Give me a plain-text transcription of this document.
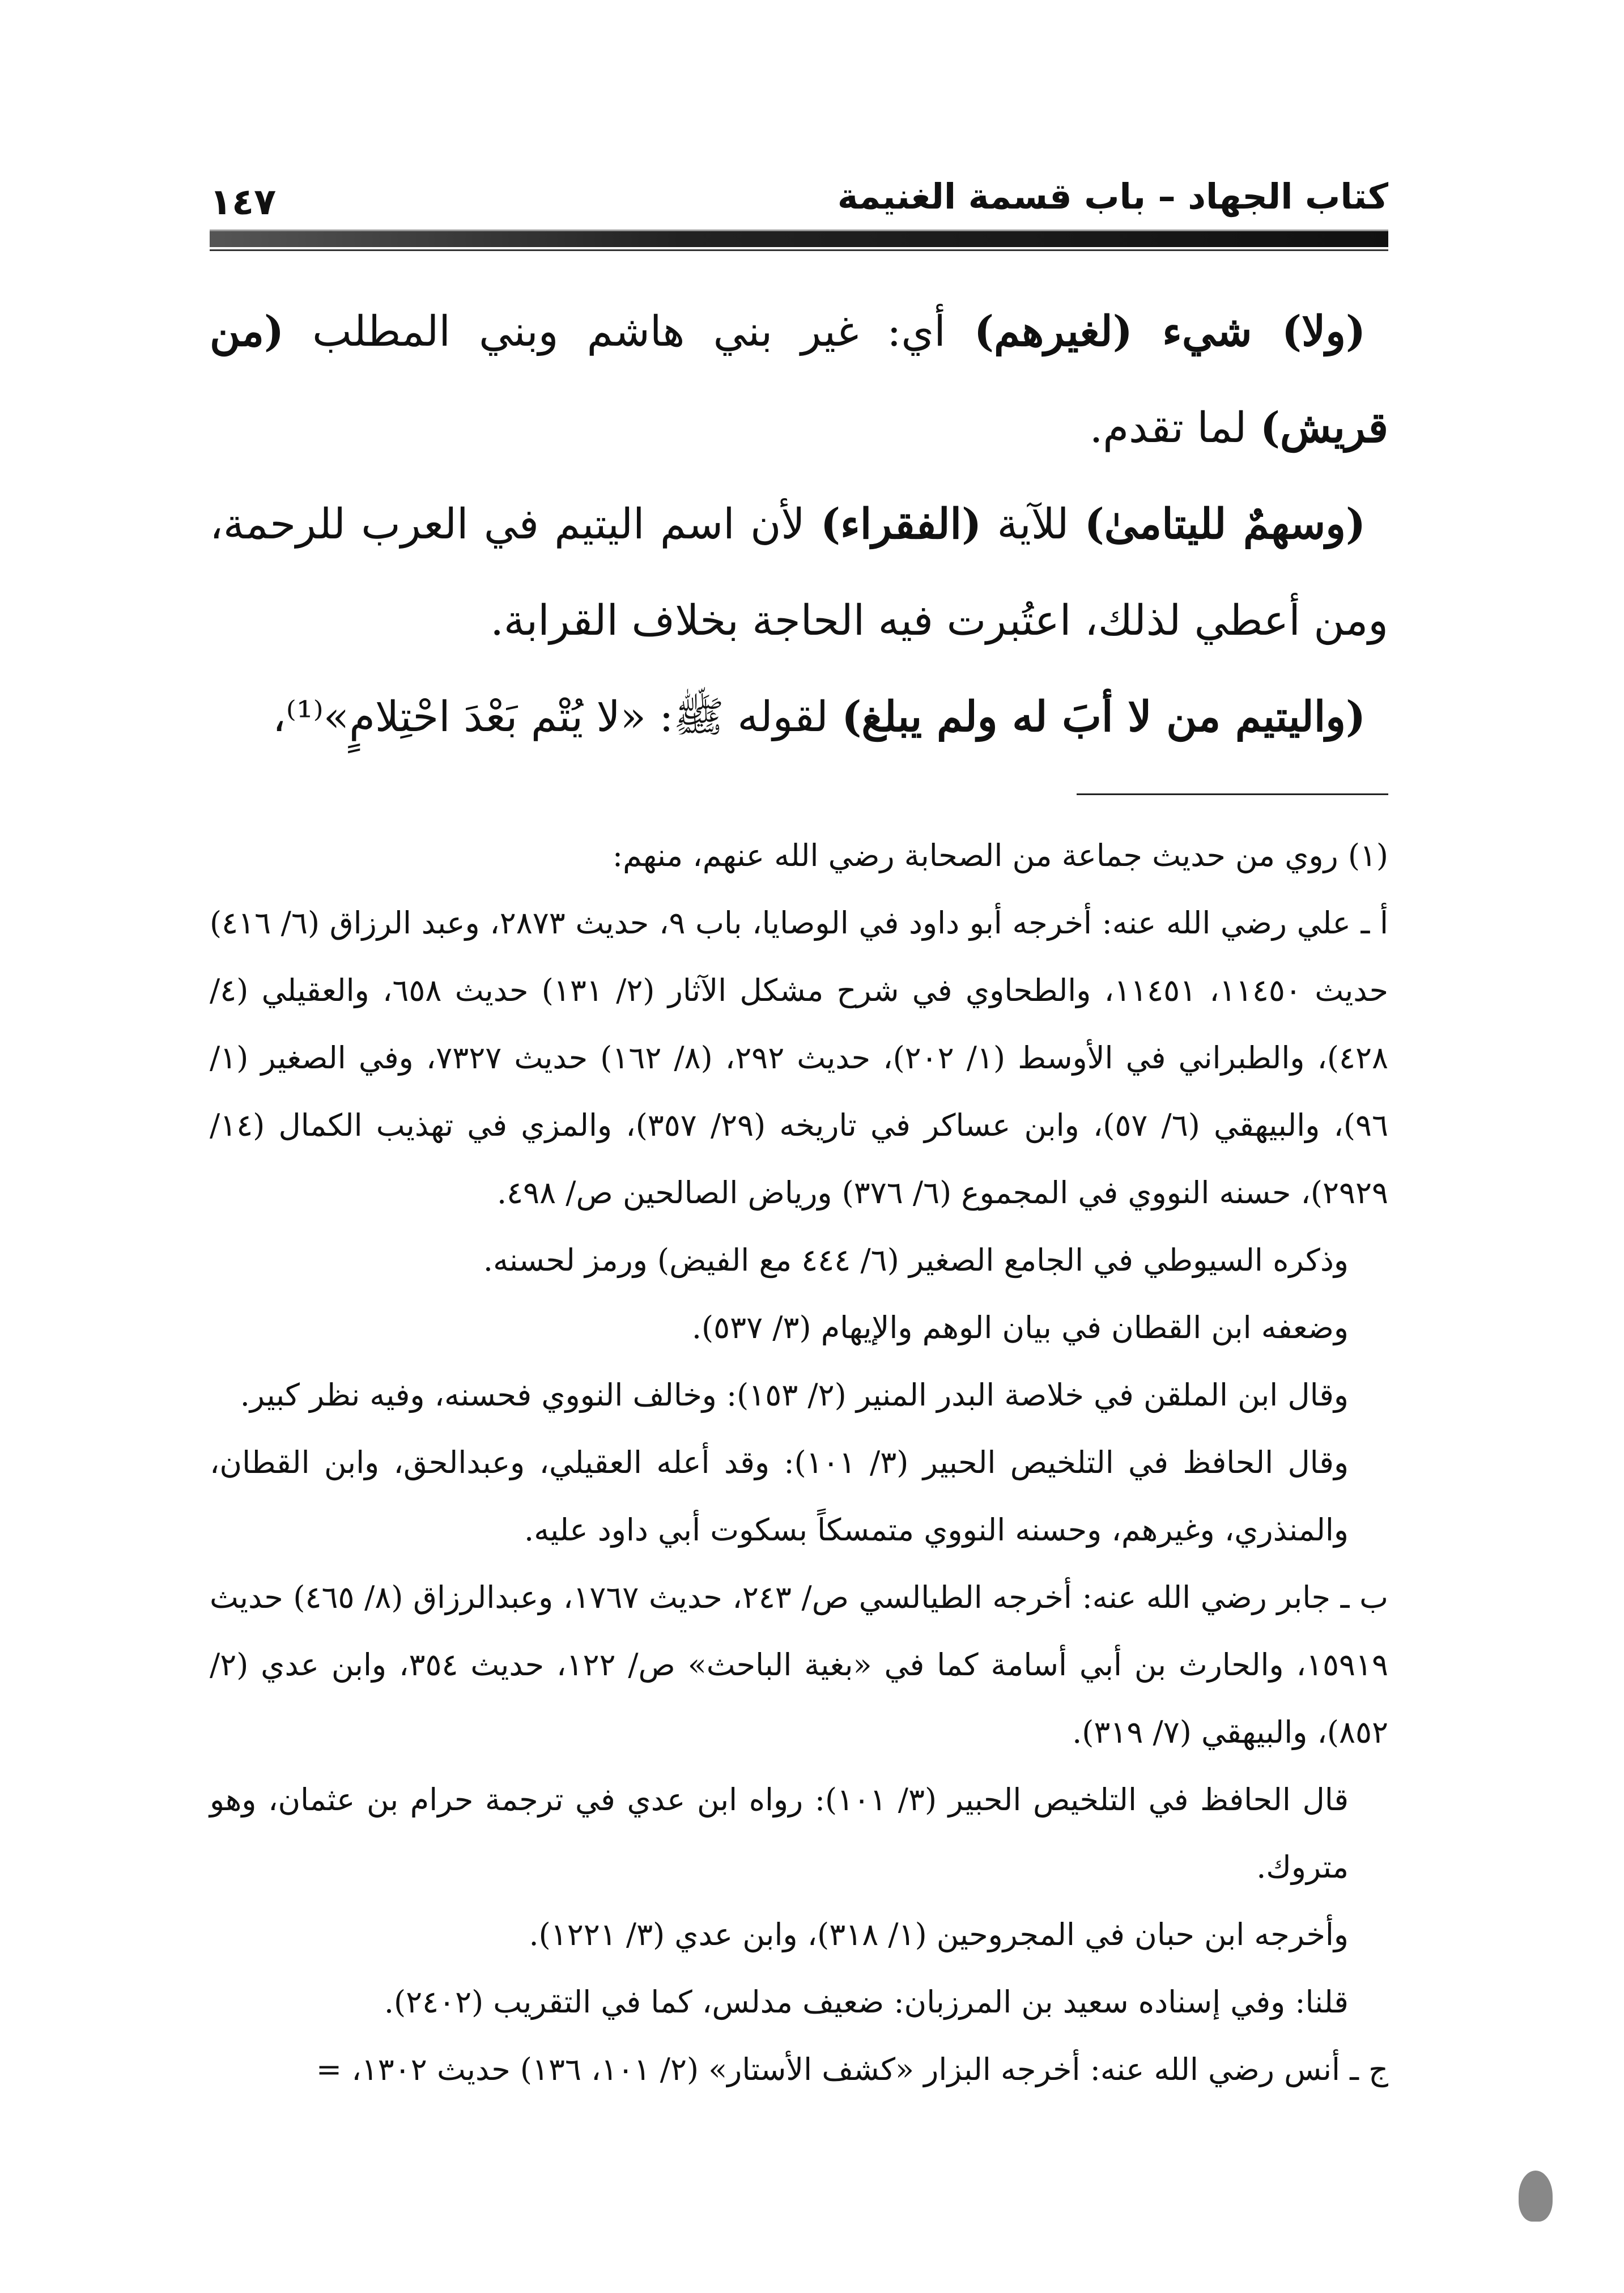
١٤٧	كتاب الجهاد – باب قسمة الغنيمة

(ولا) شيء (لغيرهم) أي: غير بني هاشم وبني المطلب (من قريش) لما تقدم.

(وسهمٌ لليتامىٰ) للآية (الفقراء) لأن اسم اليتيم في العرب للرحمة، ومن أعطي لذلك، اعتُبرت فيه الحاجة بخلاف القرابة.

(واليتيم من لا أبَ له ولم يبلغ) لقوله ﷺ: «لا يُتْم بَعْدَ احْتِلامٍ»⁽¹⁾،

(١) روي من حديث جماعة من الصحابة رضي الله عنهم، منهم:

أ ـ علي رضي الله عنه: أخرجه أبو داود في الوصايا، باب ٩، حديث ٢٨٧٣، وعبد الرزاق (٦/ ٤١٦) حديث ١١٤٥٠، ١١٤٥١، والطحاوي في شرح مشكل الآثار (٢/ ١٣١) حديث ٦٥٨، والعقيلي (٤/ ٤٢٨)، والطبراني في الأوسط (١/ ٢٠٢)، حديث ٢٩٢، (٨/ ١٦٢) حديث ٧٣٢٧، وفي الصغير (١/ ٩٦)، والبيهقي (٦/ ٥٧)، وابن عساكر في تاريخه (٢٩/ ٣٥٧)، والمزي في تهذيب الكمال (١٤/ ٢٩٢٩)، حسنه النووي في المجموع (٦/ ٣٧٦) ورياض الصالحين ص/ ٤٩٨.

وذكره السيوطي في الجامع الصغير (٦/ ٤٤٤ مع الفيض) ورمز لحسنه.

وضعفه ابن القطان في بيان الوهم والإيهام (٣/ ٥٣٧).

وقال ابن الملقن في خلاصة البدر المنير (٢/ ١٥٣): وخالف النووي فحسنه، وفيه نظر كبير.

وقال الحافظ في التلخيص الحبير (٣/ ١٠١): وقد أعله العقيلي، وعبدالحق، وابن القطان، والمنذري، وغيرهم، وحسنه النووي متمسكاً بسكوت أبي داود عليه.

ب ـ جابر رضي الله عنه: أخرجه الطيالسي ص/ ٢٤٣، حديث ١٧٦٧، وعبدالرزاق (٨/ ٤٦٥) حديث ١٥٩١٩، والحارث بن أبي أسامة كما في «بغية الباحث» ص/ ١٢٢، حديث ٣٥٤، وابن عدي (٢/ ٨٥٢)، والبيهقي (٧/ ٣١٩).

قال الحافظ في التلخيص الحبير (٣/ ١٠١): رواه ابن عدي في ترجمة حرام بن عثمان، وهو متروك.

وأخرجه ابن حبان في المجروحين (١/ ٣١٨)، وابن عدي (٣/ ١٢٢١).

قلنا: وفي إسناده سعيد بن المرزبان: ضعيف مدلس، كما في التقريب (٢٤٠٢).

ج ـ أنس رضي الله عنه: أخرجه البزار «كشف الأستار» (٢/ ١٠١، ١٣٦) حديث ١٣٠٢، =
